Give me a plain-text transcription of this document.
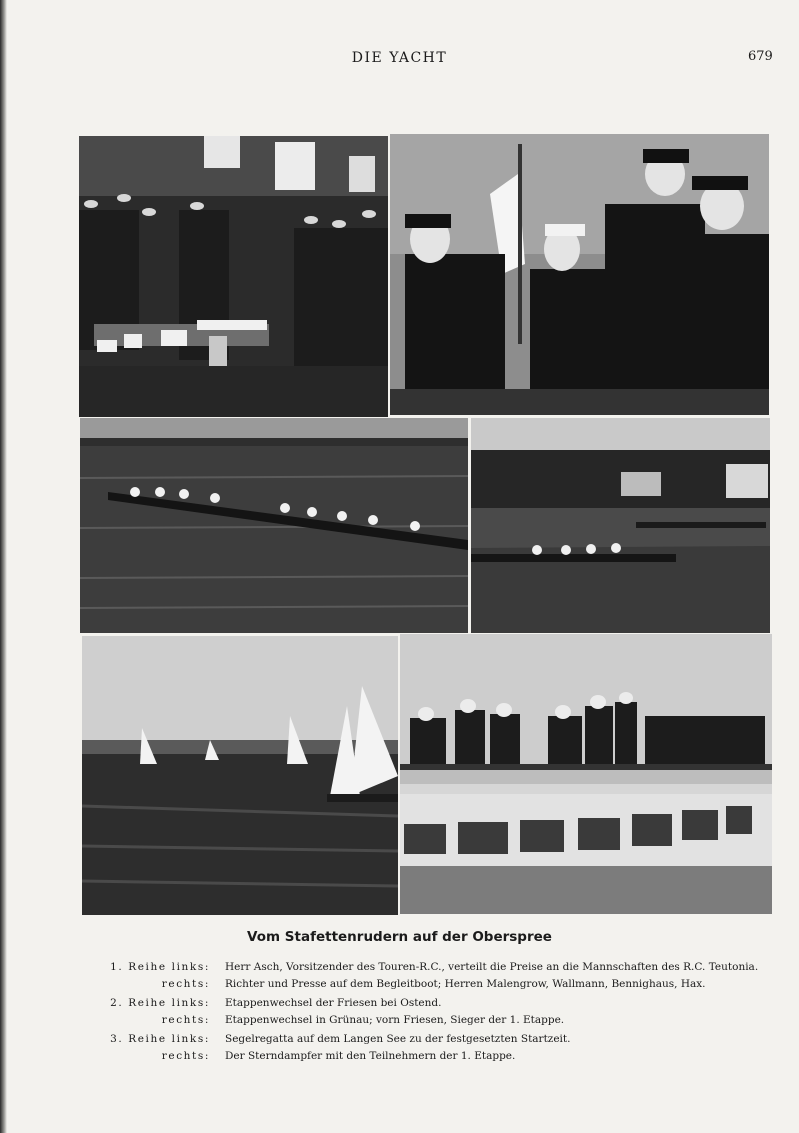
DIE YACHT	679
Vom Stafettenrudern auf der Oberspree
1. Reihe links: Herr Asch, Vorsitzender des Touren-R.C., verteilt die Preise an die Mannschaften des R.C. Teutonia.
rechts: Richter und Presse auf dem Begleitboot; Herren Malengrow, Wallmann, Bennighaus, Hax.
2. Reihe links: Etappenwechsel der Friesen bei Ostend.
rechts: Etappenwechsel in Grünau; vorn Friesen, Sieger der 1. Etappe.
3. Reihe links: Segelregatta auf dem Langen See zu der festgesetzten Startzeit.
rechts: Der Sterndampfer mit den Teilnehmern der 1. Etappe.
